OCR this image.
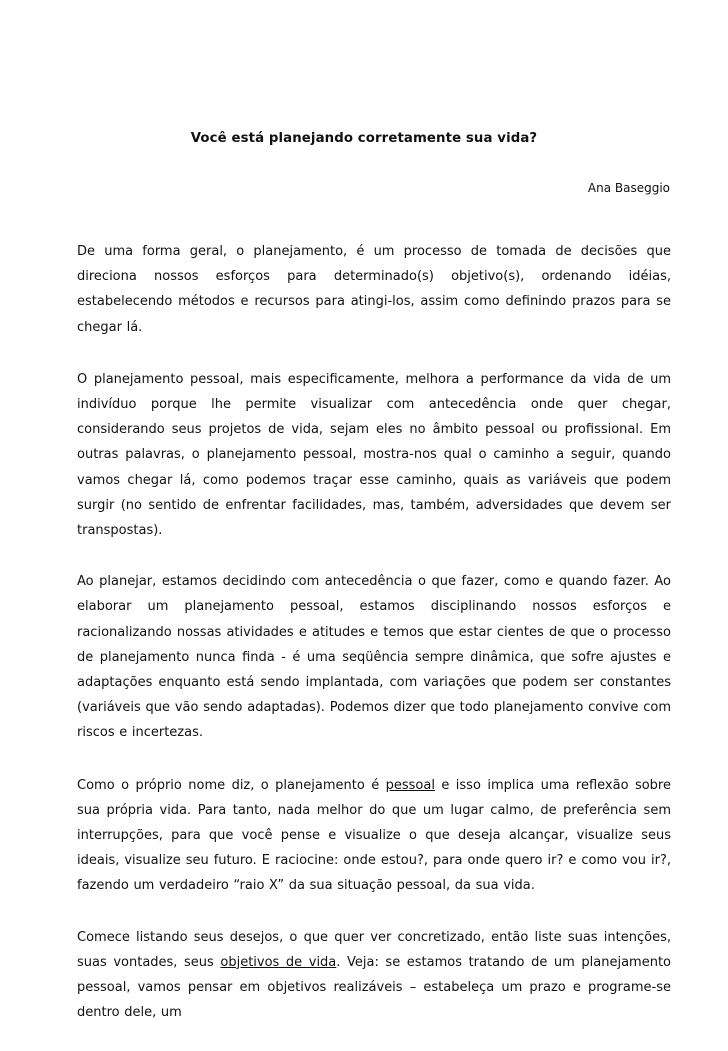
Você está planejando corretamente sua vida?

Ana Baseggio

De uma forma geral, o planejamento, é um processo de tomada de decisões que direciona nossos esforços para determinado(s) objetivo(s), ordenando idéias, estabelecendo métodos e recursos para atingi-los, assim como definindo prazos para se chegar lá.

O planejamento pessoal, mais especificamente, melhora a performance da vida de um indivíduo porque lhe permite visualizar com antecedência onde quer chegar, considerando seus projetos de vida, sejam eles no âmbito pessoal ou profissional. Em outras palavras, o planejamento pessoal, mostra-nos qual o caminho a seguir, quando vamos chegar lá, como podemos traçar esse caminho, quais as variáveis que podem surgir (no sentido de enfrentar facilidades, mas, também, adversidades que devem ser transpostas).

Ao planejar, estamos decidindo com antecedência o que fazer, como e quando fazer. Ao elaborar um planejamento pessoal, estamos disciplinando nossos esforços e racionalizando nossas atividades e atitudes e temos que estar cientes de que o processo de planejamento nunca finda - é uma seqüência sempre dinâmica, que sofre ajustes e adaptações enquanto está sendo implantada, com variações que podem ser constantes (variáveis que vão sendo adaptadas). Podemos dizer que todo planejamento convive com riscos e incertezas.

Como o próprio nome diz, o planejamento é pessoal e isso implica uma reflexão sobre sua própria vida. Para tanto, nada melhor do que um lugar calmo, de preferência sem interrupções, para que você pense e visualize o que deseja alcançar, visualize seus ideais, visualize seu futuro. E raciocine: onde estou?, para onde quero ir? e como vou ir?, fazendo um verdadeiro “raio X” da sua situação pessoal, da sua vida.

Comece listando seus desejos, o que quer ver concretizado, então liste suas intenções, suas vontades, seus objetivos de vida. Veja: se estamos tratando de um planejamento pessoal, vamos pensar em objetivos realizáveis – estabeleça um prazo e programe-se dentro dele, um
